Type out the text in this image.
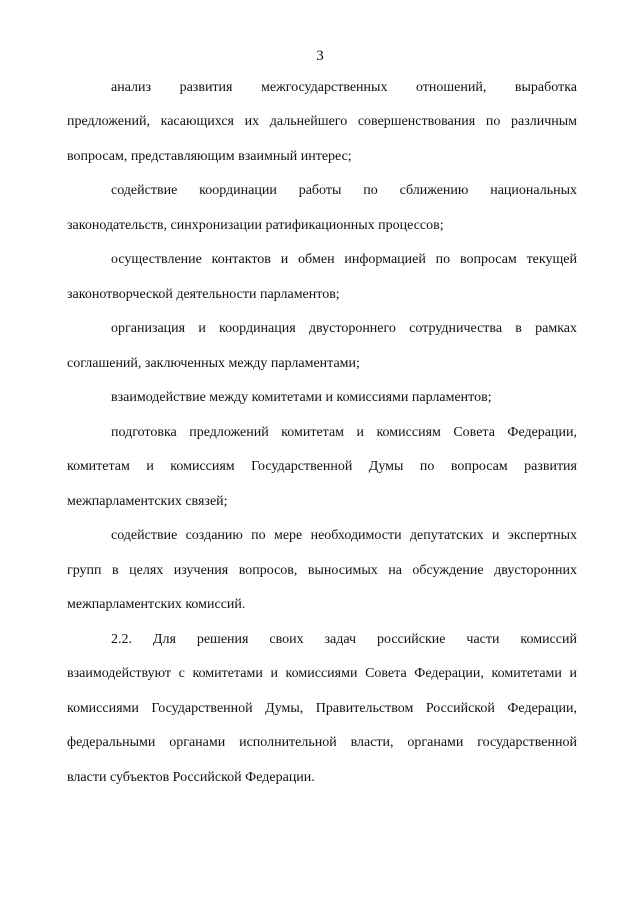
3
анализ развития межгосударственных отношений, выработка
предложений, касающихся их дальнейшего совершенствования по различным
вопросам, представляющим взаимный интерес;
содействие координации работы по сближению национальных
законодательств, синхронизации ратификационных процессов;
осуществление контактов и обмен информацией по вопросам текущей
законотворческой деятельности парламентов;
организация и координация двустороннего сотрудничества в рамках
соглашений, заключенных между парламентами;
взаимодействие между комитетами и комиссиями парламентов;
подготовка предложений комитетам и комиссиям Совета Федерации,
комитетам и комиссиям Государственной Думы по вопросам развития
межпарламентских связей;
содействие созданию по мере необходимости депутатских и экспертных
групп в целях изучения вопросов, выносимых на обсуждение двусторонних
межпарламентских комиссий.
2.2. Для решения своих задач российские части комиссий
взаимодействуют с комитетами и комиссиями Совета Федерации, комитетами и
комиссиями Государственной Думы, Правительством Российской Федерации,
федеральными органами исполнительной власти, органами государственной
власти субъектов Российской Федерации.
